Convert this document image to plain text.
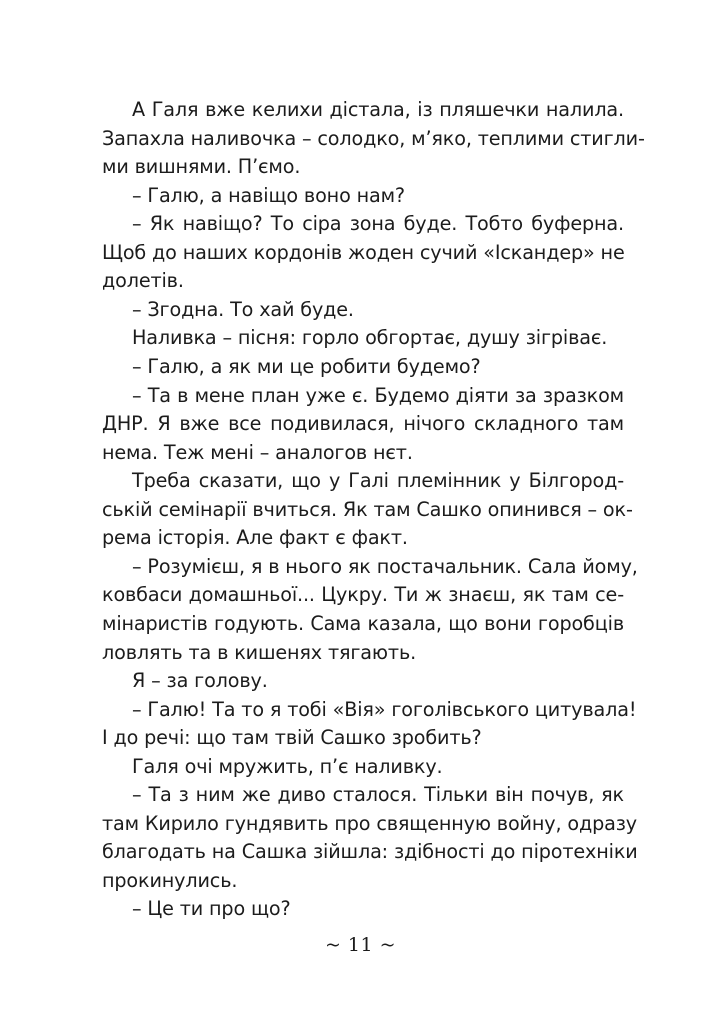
А Галя вже келихи дістала, із пляшечки налила.
Запахла наливочка – солодко, м’яко, теплими стигли-
ми вишнями. П’ємо.
– Галю, а навіщо воно нам?
– Як навіщо? То сіра зона буде. Тобто буферна.
Щоб до наших кордонів жоден сучий «Іскандер» не
долетів.
– Згодна. То хай буде.
Наливка – пісня: горло обгортає, душу зігріває.
– Галю, а як ми це робити будемо?
– Та в мене план уже є. Будемо діяти за зразком
ДНР. Я вже все подивилася, нічого складного там
нема. Теж мені – аналогов нєт.
Треба сказати, що у Галі племінник у Білгород-
ській семінарії вчиться. Як там Сашко опинився – ок-
рема історія. Але факт є факт.
– Розумієш, я в нього як постачальник. Сала йому,
ковбаси домашньої... Цукру. Ти ж знаєш, як там се-
мінаристів годують. Сама казала, що вони горобців
ловлять та в кишенях тягають.
Я – за голову.
– Галю! Та то я тобі «Вія» гоголівського цитувала!
І до речі: що там твій Сашко зробить?
Галя очі мружить, п’є наливку.
– Та з ним же диво сталося. Тільки він почув, як
там Кирило гундявить про священную войну, одразу
благодать на Сашка зійшла: здібності до піротехніки
прокинулись.
– Це ти про що?
~ 11 ~
